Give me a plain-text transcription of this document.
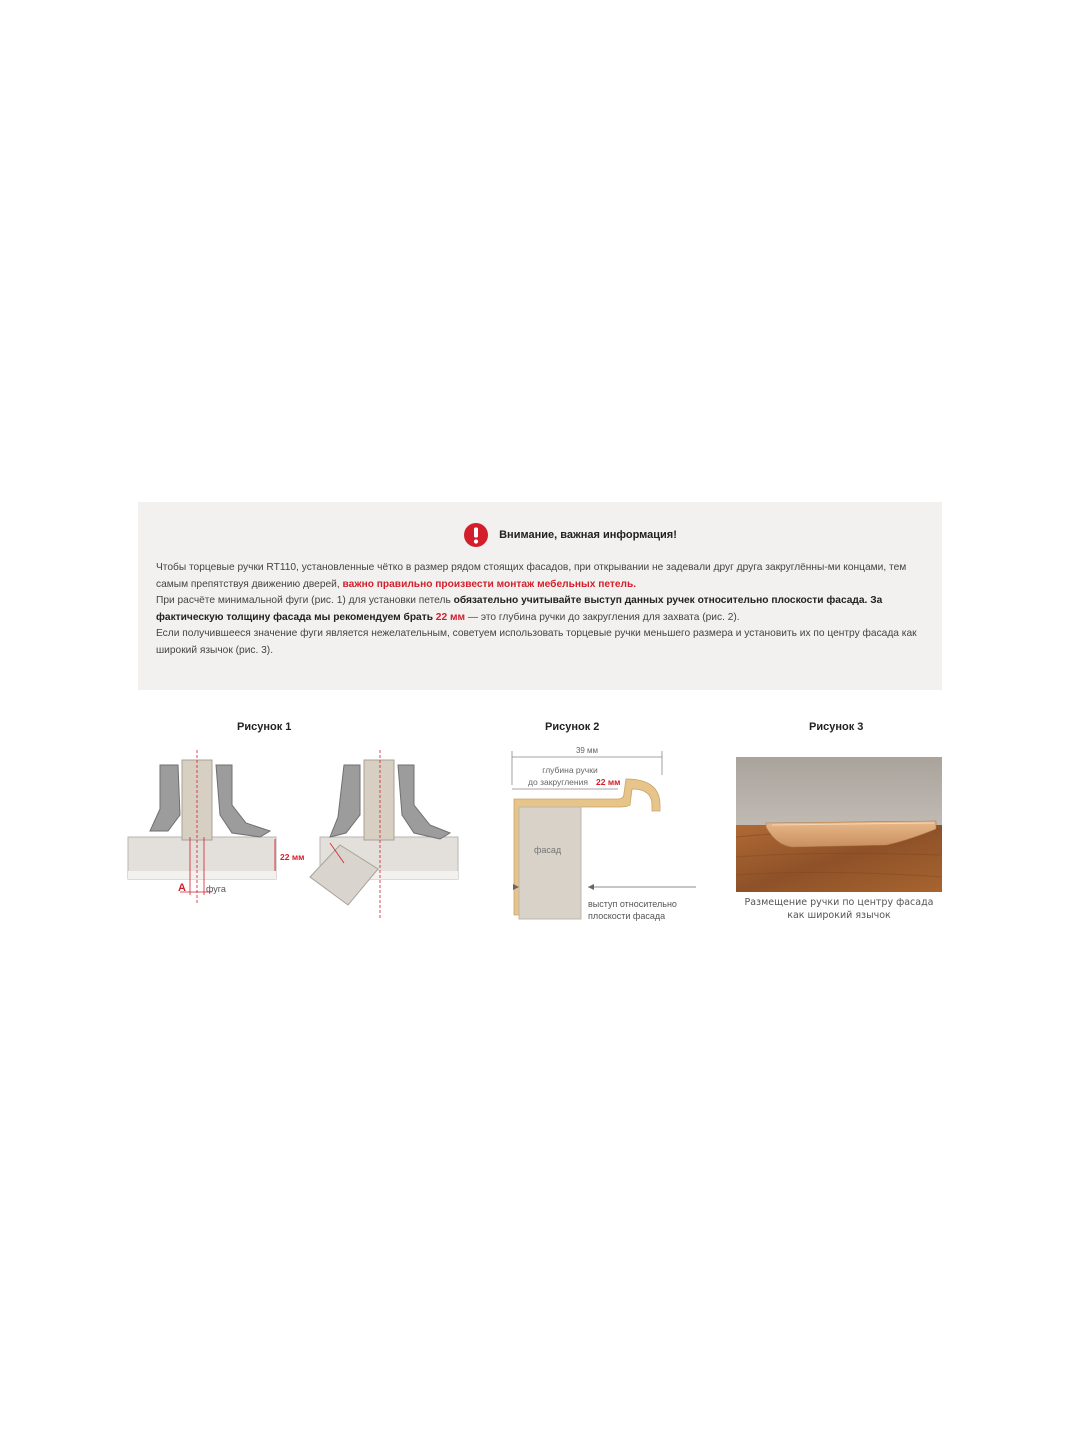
Внимание, важная информация!
Чтобы торцевые ручки RT110, установленные чётко в размер рядом стоящих фасадов, при открывании не задевали друг друга закруглённы-ми концами, тем самым препятствуя движению дверей, важно правильно произвести монтаж мебельных петель.
При расчёте минимальной фуги (рис. 1) для установки петель обязательно учитывайте выступ данных ручек относительно плоскости фасада. За фактическую толщину фасада мы рекомендуем брать 22 мм — это глубина ручки до закругления для захвата (рис. 2).
Если получившееся значение фуги является нежелательным, советуем использовать торцевые ручки меньшего размера и установить их по центру фасада как широкий язычок (рис. 3).
Рисунок 1
A фуга
22 мм
Рисунок 2
39 мм
глубина ручки
до закругления 22 мм
фасад
выступ относительно
плоскости фасада
Рисунок 3
Размещение ручки по центру фасада
как широкий язычок
